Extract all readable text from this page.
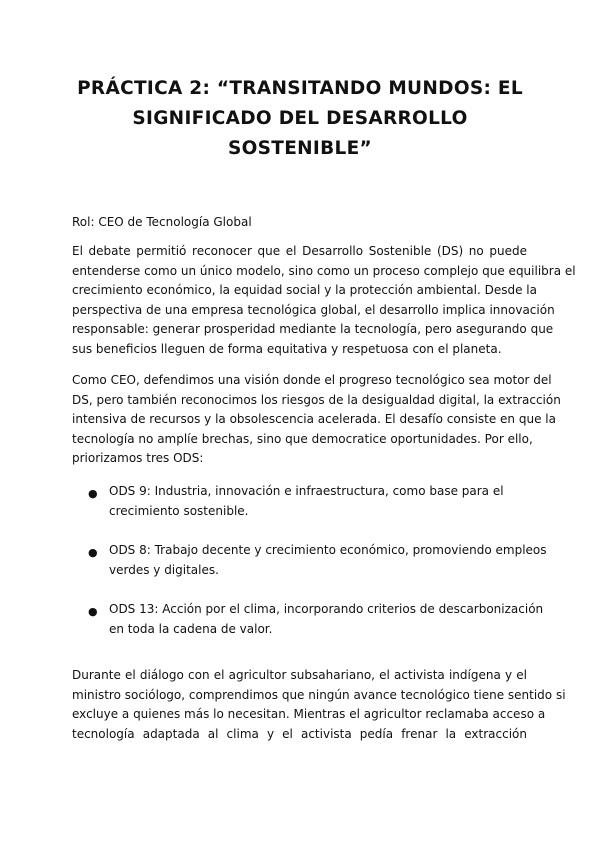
PRÁCTICA 2: “TRANSITANDO MUNDOS: EL
SIGNIFICADO DEL DESARROLLO
SOSTENIBLE”

Rol: CEO de Tecnología Global

El debate permitió reconocer que el Desarrollo Sostenible (DS) no puede
entenderse como un único modelo, sino como un proceso complejo que equilibra el
crecimiento económico, la equidad social y la protección ambiental. Desde la
perspectiva de una empresa tecnológica global, el desarrollo implica innovación
responsable: generar prosperidad mediante la tecnología, pero asegurando que
sus beneficios lleguen de forma equitativa y respetuosa con el planeta.

Como CEO, defendimos una visión donde el progreso tecnológico sea motor del
DS, pero también reconocimos los riesgos de la desigualdad digital, la extracción
intensiva de recursos y la obsolescencia acelerada. El desafío consiste en que la
tecnología no amplíe brechas, sino que democratice oportunidades. Por ello,
priorizamos tres ODS:

● ODS 9: Industria, innovación e infraestructura, como base para el
crecimiento sostenible.
● ODS 8: Trabajo decente y crecimiento económico, promoviendo empleos
verdes y digitales.
● ODS 13: Acción por el clima, incorporando criterios de descarbonización
en toda la cadena de valor.

Durante el diálogo con el agricultor subsahariano, el activista indígena y el
ministro sociólogo, comprendimos que ningún avance tecnológico tiene sentido si
excluye a quienes más lo necesitan. Mientras el agricultor reclamaba acceso a
tecnología adaptada al clima y el activista pedía frenar la extracción
